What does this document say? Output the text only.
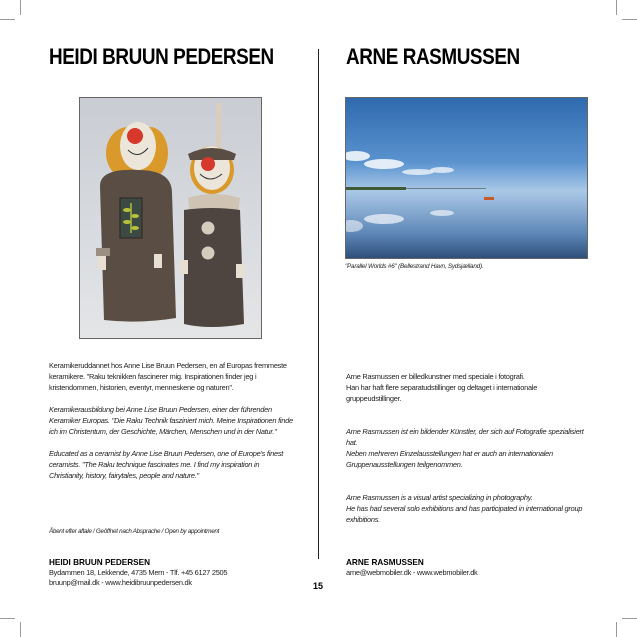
HEIDI BRUUN PEDERSEN	ARNE RASMUSSEN
"Parallel Worlds #6" (Bellestrand Havn, Sydsjælland).

Keramikeruddannet hos Anne Lise Bruun Pedersen, en af Europas fremmeste keramikere. "Raku teknikken fascinerer mig. Inspirationen finder jeg i kristendommen, historien, eventyr, menneskene og naturen".

Keramikerausbildung bei Anne Lise Bruun Pedersen, einer der führenden Keramiker Europas. "Die Raku Technik fasziniert mich. Meine Inspirationen finde ich im Christentum, der Geschichte, Märchen, Menschen und in der Natur."

Educated as a ceramist by Anne Lise Bruun Pedersen, one of Europe's finest ceramists. "The Raku technique fascinates me. I find my inspiration in Christianity, history, fairytales, people and nature."

Åbent efter aftale / Geöffnet nach Absprache / Open by appointment

Arne Rasmussen er billedkunstner med speciale i fotografi.
Han har haft flere separatudstillinger og deltaget i internationale gruppeudstillinger.

Arne Rasmussen ist ein bildender Künstler, der sich auf Fotografie spezialisiert hat.
Neben mehreren Einzelausstellungen hat er auch an internationalen Gruppenausstellungen teilgenommen.

Arne Rasmussen is a visual artist specializing in photography.
He has had several solo exhibitions and has participated in international group exhibitions.

HEIDI BRUUN PEDERSEN
Bydammen 18, Lekkende, 4735 Mern - Tlf. +45 6127 2505
bruunp@mail.dk - www.heidibruunpedersen.dk
ARNE RASMUSSEN
arne@webmobiler.dk - www.webmobiler.dk
15
